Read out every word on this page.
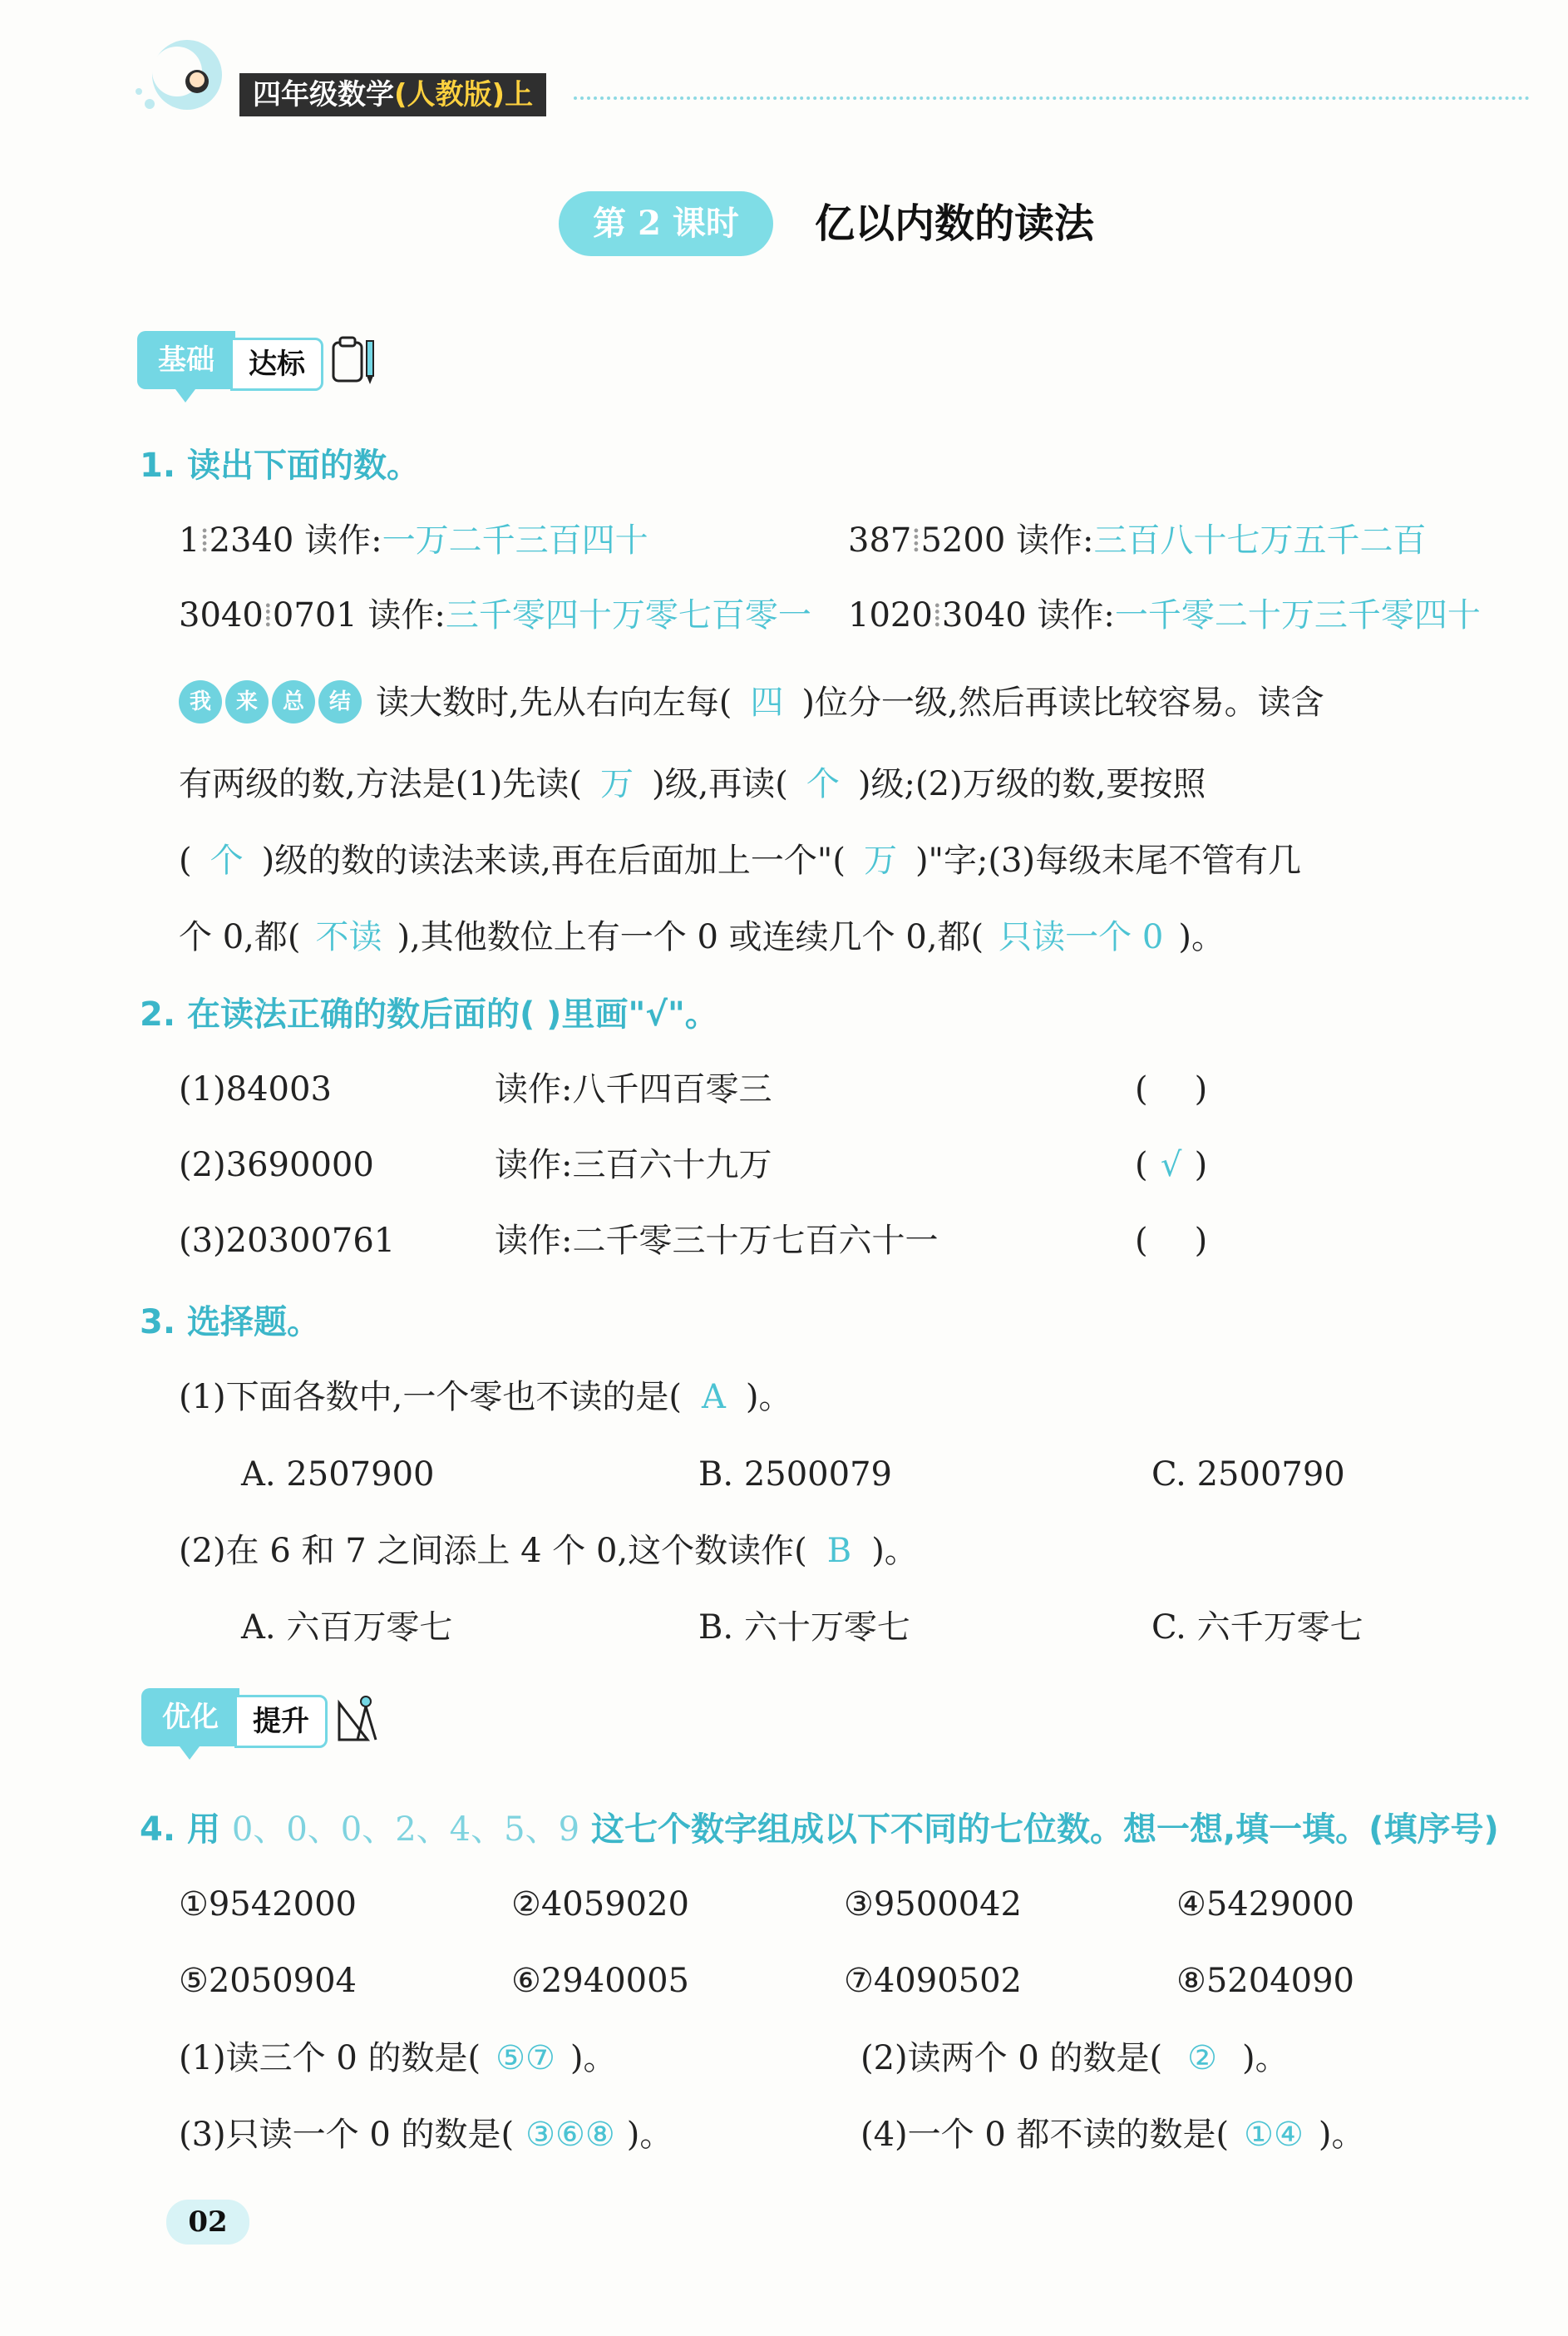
四年级数学(人教版)上
第 2 课时	亿以内数的读法
基础	达标
1. 读出下面的数。
1⁞2340 读作:一万二千三百四十	387⁞5200 读作:三百八十七万五千二百
3040⁞0701 读作:三千零四十万零七百零一 1020⁞3040 读作:一千零二十万三千零四十
我 来 总 结 读大数时,先从右向左每( 四 )位分一级,然后再读比较容易。读含
有两级的数,方法是(1)先读( 万 )级,再读( 个 )级;(2)万级的数,要按照
( 个 )级的数的读法来读,再在后面加上一个"( 万 )"字;(3)每级末尾不管有几
个 0,都( 不读 ),其他数位上有一个 0 或连续几个 0,都( 只读一个 0 )。
2. 在读法正确的数后面的( )里画"√"。
(1)84003	读作:八千四百零三	( )
(2)3690000	读作:三百六十九万	( √ )
(3)20300761	读作:二千零三十万七百六十一	( )
3. 选择题。
(1)下面各数中,一个零也不读的是( A )。
A. 2507900	B. 2500079	C. 2500790
(2)在 6 和 7 之间添上 4 个 0,这个数读作( B )。
A. 六百万零七	B. 六十万零七	C. 六千万零七
优化	提升
4. 用 0、0、0、2、4、5、9 这七个数字组成以下不同的七位数。想一想,填一填。(填序号)
①9542000	②4059020	③9500042	④5429000
⑤2050904	⑥2940005	⑦4090502	⑧5204090
(1)读三个 0 的数是( ⑤⑦ )。	(2)读两个 0 的数是( ② )。
(3)只读一个 0 的数是( ③⑥⑧ )。	(4)一个 0 都不读的数是( ①④ )。
02
